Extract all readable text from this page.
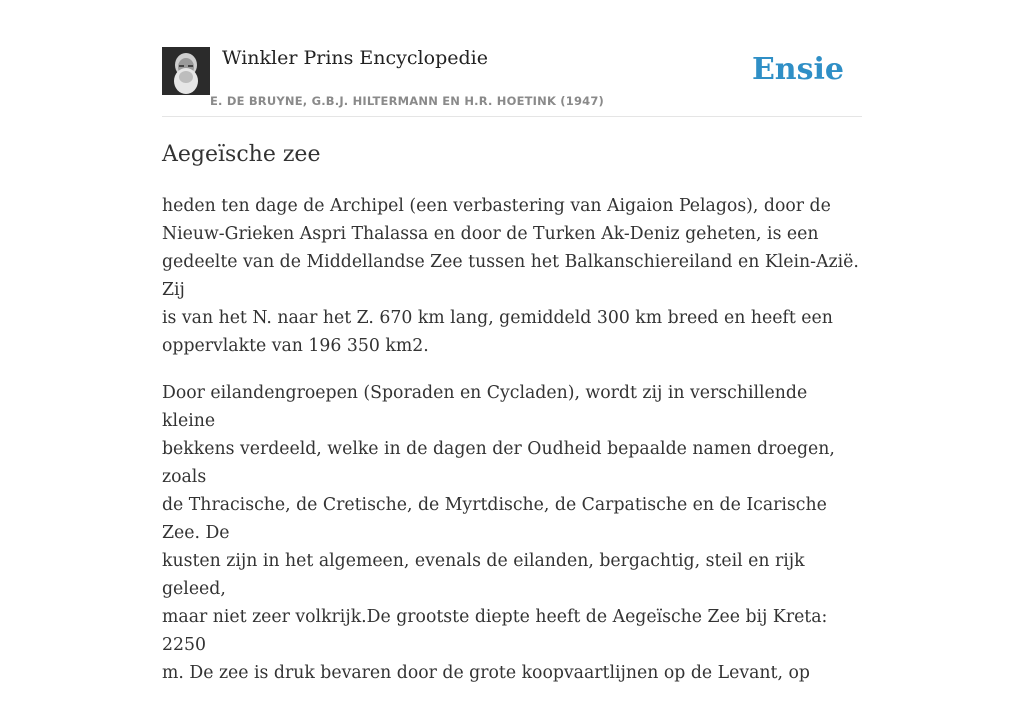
Winkler Prins Encyclopedie
E. DE BRUYNE, G.B.J. HILTERMANN EN H.R. HOETINK (1947)
Ensie
Aegeïsche zee

heden ten dage de Archipel (een verbastering van Aigaion Pelagos), door de
Nieuw-Grieken Aspri Thalassa en door de Turken Ak-Deniz geheten, is een
gedeelte van de Middellandse Zee tussen het Balkanschiereiland en Klein-Azië. Zij
is van het N. naar het Z. 670 km lang, gemiddeld 300 km breed en heeft een
oppervlakte van 196 350 km2.

Door eilandengroepen (Sporaden en Cycladen), wordt zij in verschillende kleine
bekkens verdeeld, welke in de dagen der Oudheid bepaalde namen droegen, zoals
de Thracische, de Cretische, de Myrtdische, de Carpatische en de Icarische Zee. De
kusten zijn in het algemeen, evenals de eilanden, bergachtig, steil en rijk geleed,
maar niet zeer volkrijk.De grootste diepte heeft de Aegeïsche Zee bij Kreta: 2250
m. De zee is druk bevaren door de grote koopvaartlijnen op de Levant, op
